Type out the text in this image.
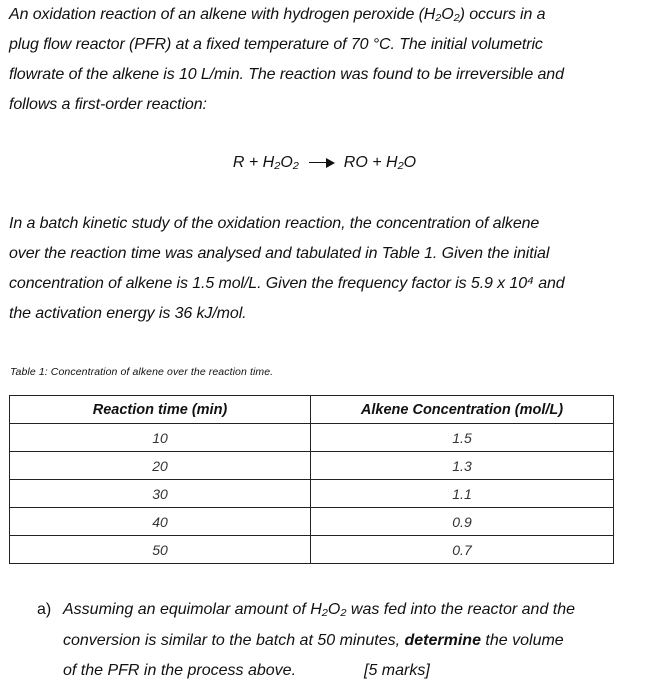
An oxidation reaction of an alkene with hydrogen peroxide (H₂O₂) occurs in a
plug flow reactor (PFR) at a fixed temperature of 70 °C. The initial volumetric
flowrate of the alkene is 10 L/min. The reaction was found to be irreversible and
follows a first-order reaction:

R + H₂O₂	RO + H₂O

In a batch kinetic study of the oxidation reaction, the concentration of alkene
over the reaction time was analysed and tabulated in Table 1. Given the initial
concentration of alkene is 1.5 mol/L. Given the frequency factor is 5.9 x 10⁴ and
the activation energy is 36 kJ/mol.

Table 1: Concentration of alkene over the reaction time.
Reaction time (min)	Alkene Concentration (mol/L)
10	1.5
20	1.3
30	1.1
40	0.9
50	0.7
a) Assuming an equimolar amount of H₂O₂ was fed into the reactor and the
conversion is similar to the batch at 50 minutes, determine the volume
of the PFR in the process above.	[5 marks]
